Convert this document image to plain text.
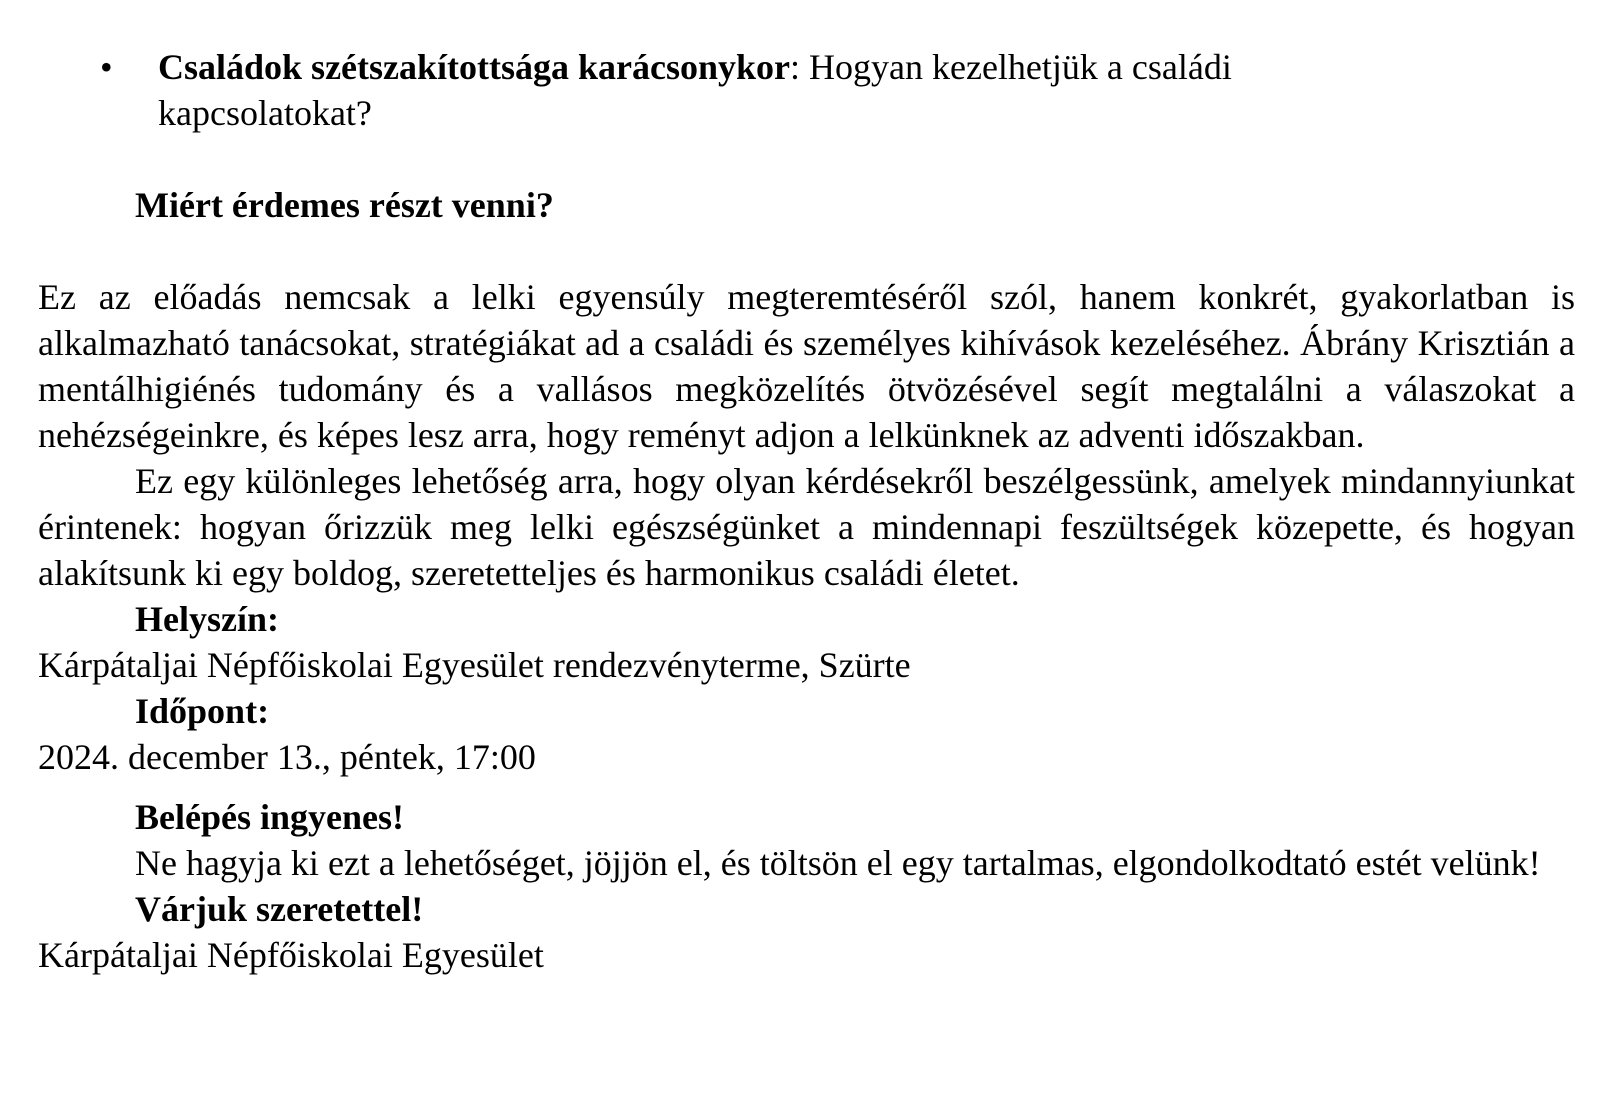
• Családok szétszakítottsága karácsonykor: Hogyan kezelhetjük a családi kapcsolatokat?
Miért érdemes részt venni?
Ez az előadás nemcsak a lelki egyensúly megteremtéséről szól, hanem konkrét, gyakorlatban is alkalmazható tanácsokat, stratégiákat ad a családi és személyes kihívások kezeléséhez. Ábrány Krisztián a mentálhigiénés tudomány és a vallásos megközelítés ötvözésével segít megtalálni a válaszokat a nehézségeinkre, és képes lesz arra, hogy reményt adjon a lelkünknek az adventi időszakban.
Ez egy különleges lehetőség arra, hogy olyan kérdésekről beszélgessünk, amelyek mindannyiunkat érintenek: hogyan őrizzük meg lelki egészségünket a mindennapi feszültségek közepette, és hogyan alakítsunk ki egy boldog, szeretetteljes és harmonikus családi életet.
Helyszín:
Kárpátaljai Népfőiskolai Egyesület rendezvényterme, Szürte
Időpont:
2024. december 13., péntek, 17:00
Belépés ingyenes!
Ne hagyja ki ezt a lehetőséget, jöjjön el, és töltsön el egy tartalmas, elgondolkodtató estét velünk!
Várjuk szeretettel!
Kárpátaljai Népfőiskolai Egyesület
